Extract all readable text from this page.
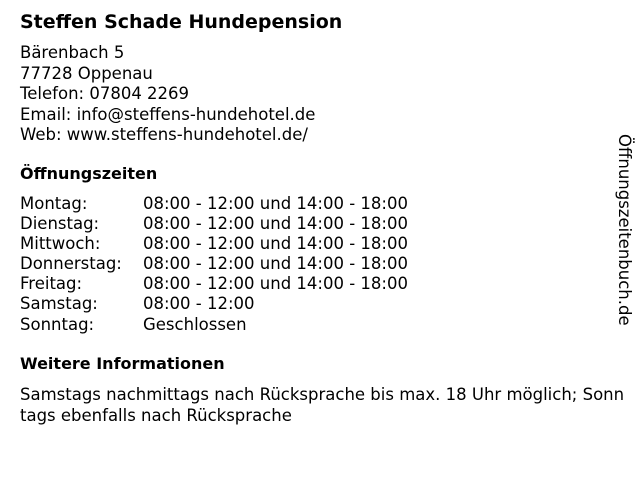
Steffen Schade Hundepension
Bärenbach 5
77728 Oppenau
Telefon: 07804 2269
Email: info@steffens-hundehotel.de
Web: www.steffens-hundehotel.de/
Öffnungszeiten
Montag:	08:00 - 12:00 und 14:00 - 18:00
Dienstag:	08:00 - 12:00 und 14:00 - 18:00
Mittwoch:	08:00 - 12:00 und 14:00 - 18:00
Donnerstag:	08:00 - 12:00 und 14:00 - 18:00
Freitag:	08:00 - 12:00 und 14:00 - 18:00
Samstag:	08:00 - 12:00
Sonntag:	Geschlossen
Weitere Informationen

Samstags nachmittags nach Rücksprache bis max. 18 Uhr möglich; Sonntags ebenfalls nach Rücksprache

Öffnungszeitenbuch.de
